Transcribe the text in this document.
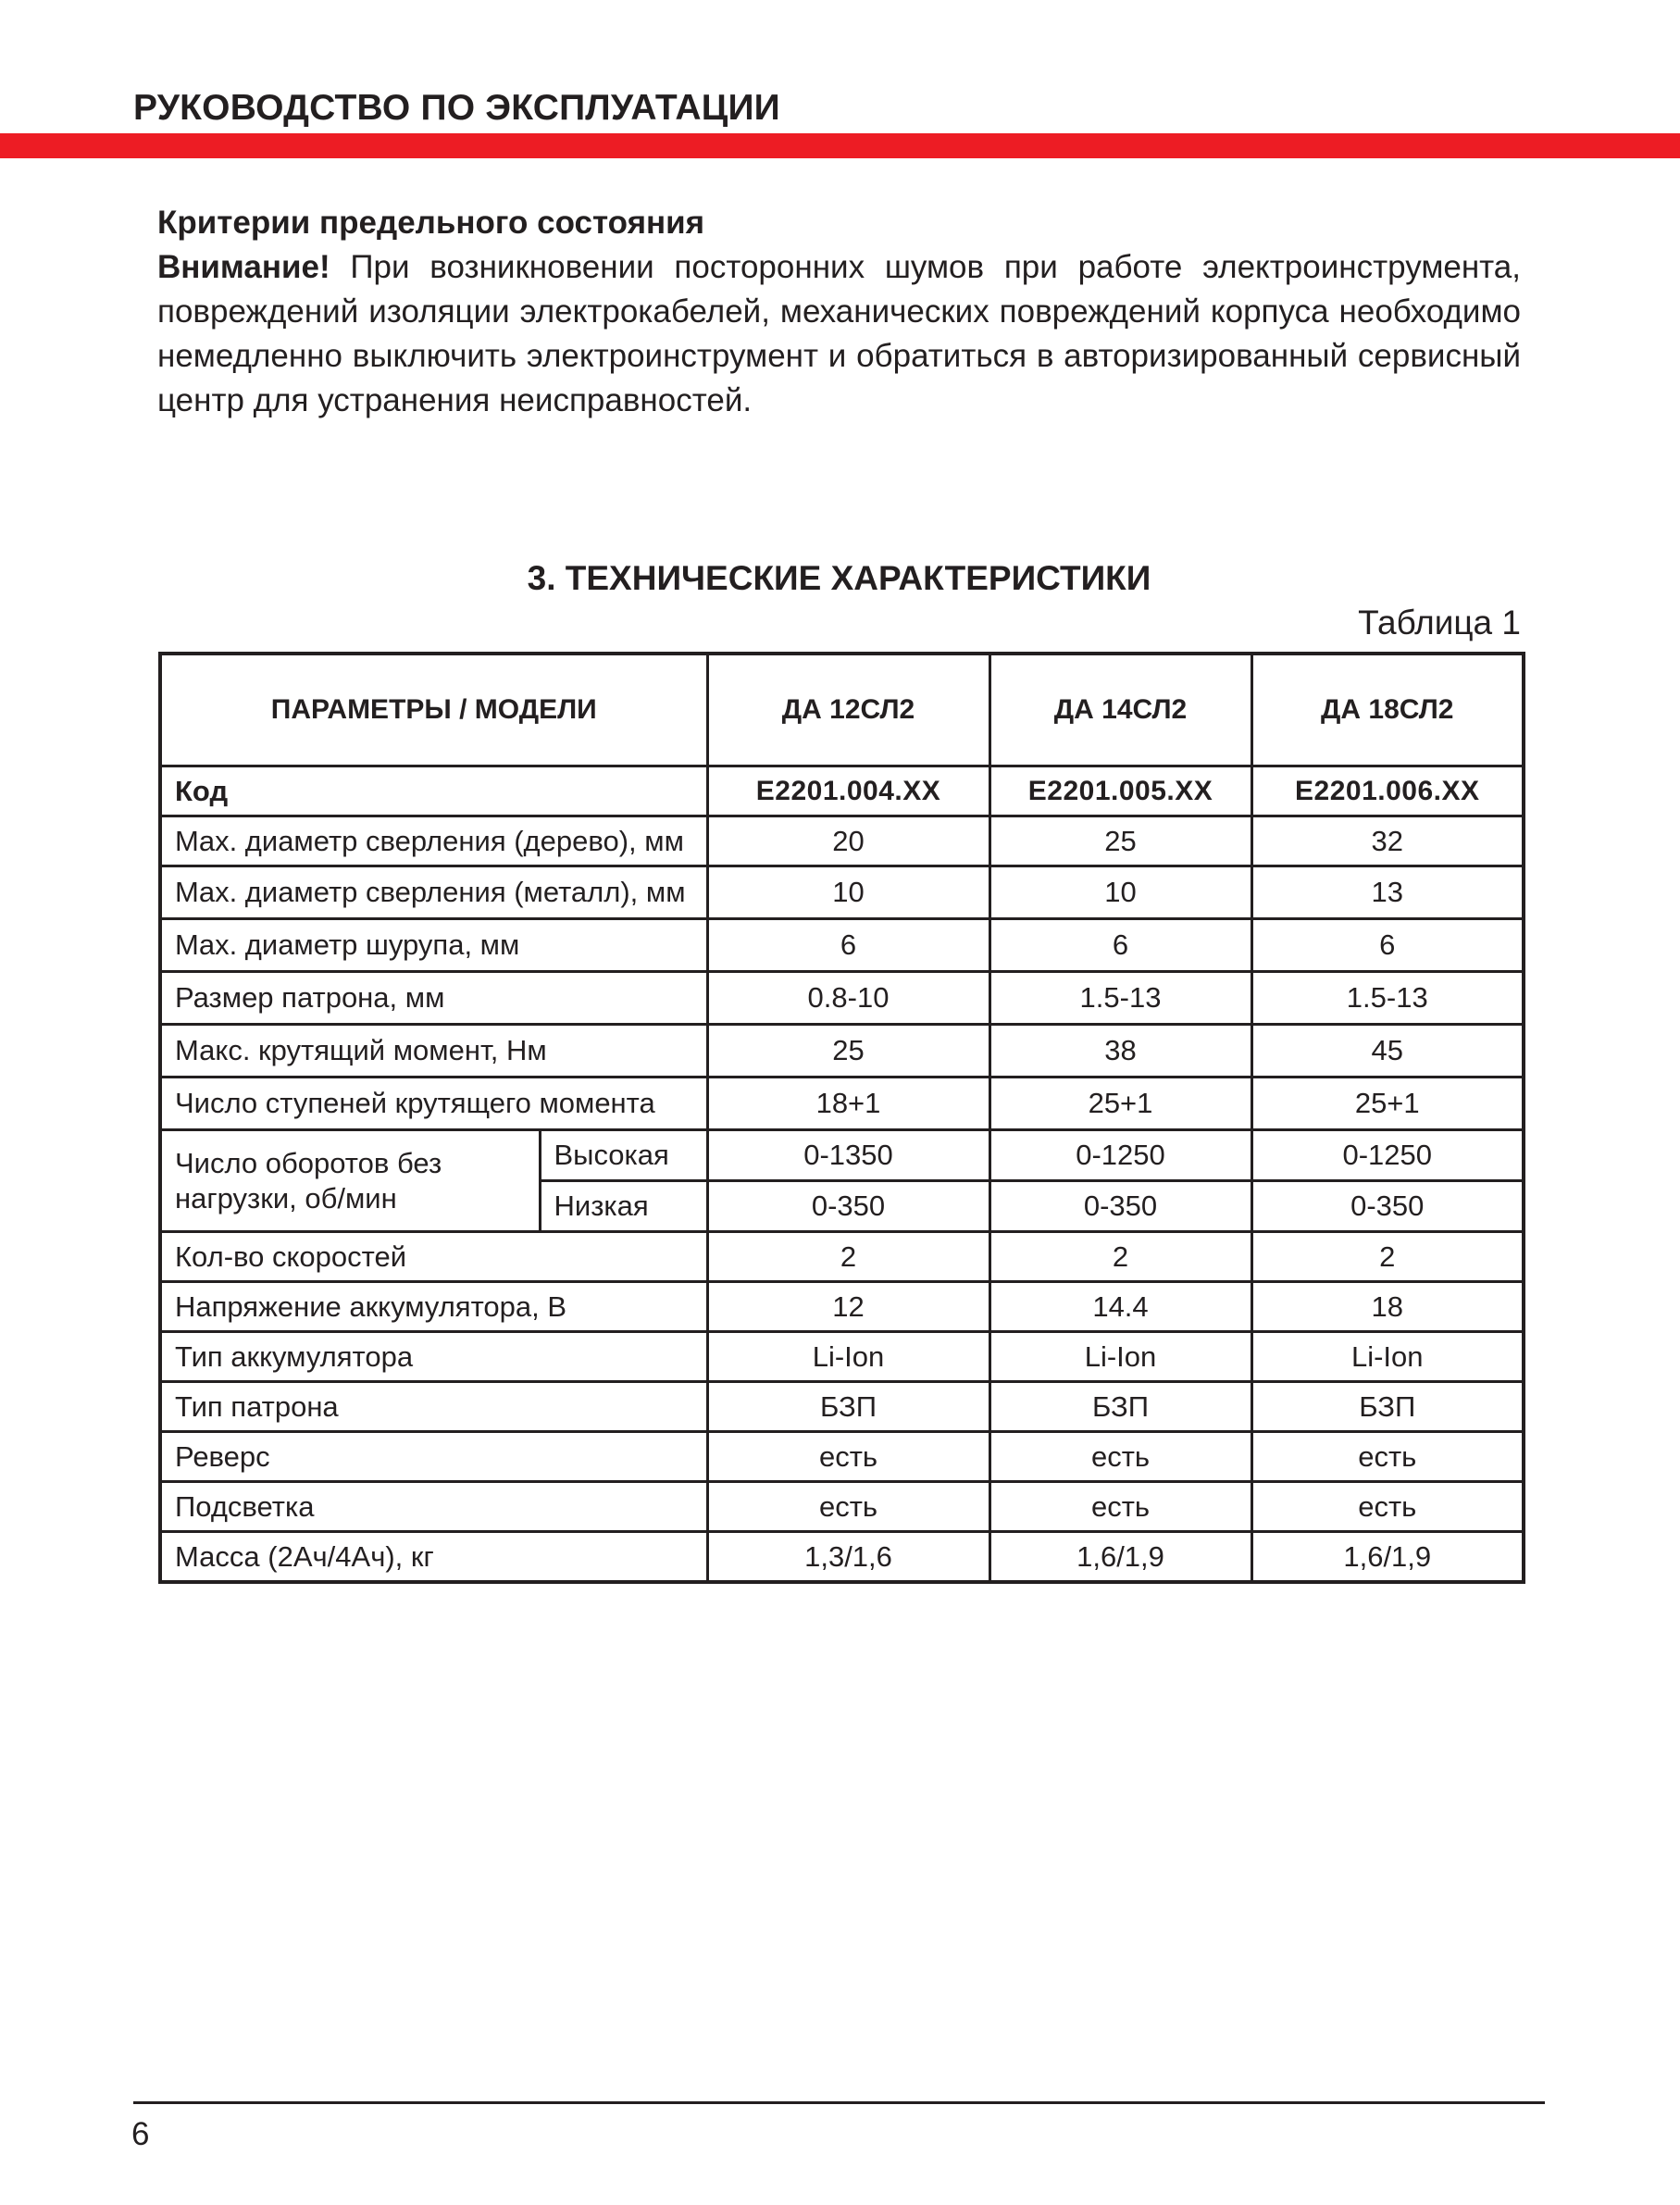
РУКОВОДСТВО ПО ЭКСПЛУАТАЦИИ
Критерии предельного состояния
Внимание! При возникновении посторонних шумов при работе электроинструмента, повреждений изоляции электрокабелей, механических повреждений корпуса необходимо немедленно выключить электроинструмент и обратиться в авторизированный сервисный центр для устранения неисправностей.
3. ТЕХНИЧЕСКИЕ ХАРАКТЕРИСТИКИ
Таблица 1
ПАРАМЕТРЫ / МОДЕЛИ		ДА 12СЛ2	ДА 14СЛ2	ДА 18СЛ2
Код		E2201.004.XX	E2201.005.XX	E2201.006.XX
Max. диаметр сверления (дерево), мм		20	25	32
Max. диаметр сверления (металл), мм		10	10	13
Max. диаметр шурупа, мм		6	6	6
Размер патрона, мм		0.8-10	1.5-13	1.5-13
Макс. крутящий момент, Нм		25	38	45
Число ступеней крутящего момента		18+1	25+1	25+1
Число оборотов без нагрузки, об/мин	Высокая	0-1350	0-1250	0-1250
	Низкая	0-350	0-350	0-350
Кол-во скоростей		2	2	2
Напряжение аккумулятора, В		12	14.4	18
Тип аккумулятора		Li-Ion	Li-Ion	Li-Ion
Тип патрона		БЗП	БЗП	БЗП
Реверс		есть	есть	есть
Подсветка		есть	есть	есть
Масса (2Ач/4Ач), кг		1,3/1,6	1,6/1,9	1,6/1,9
6
